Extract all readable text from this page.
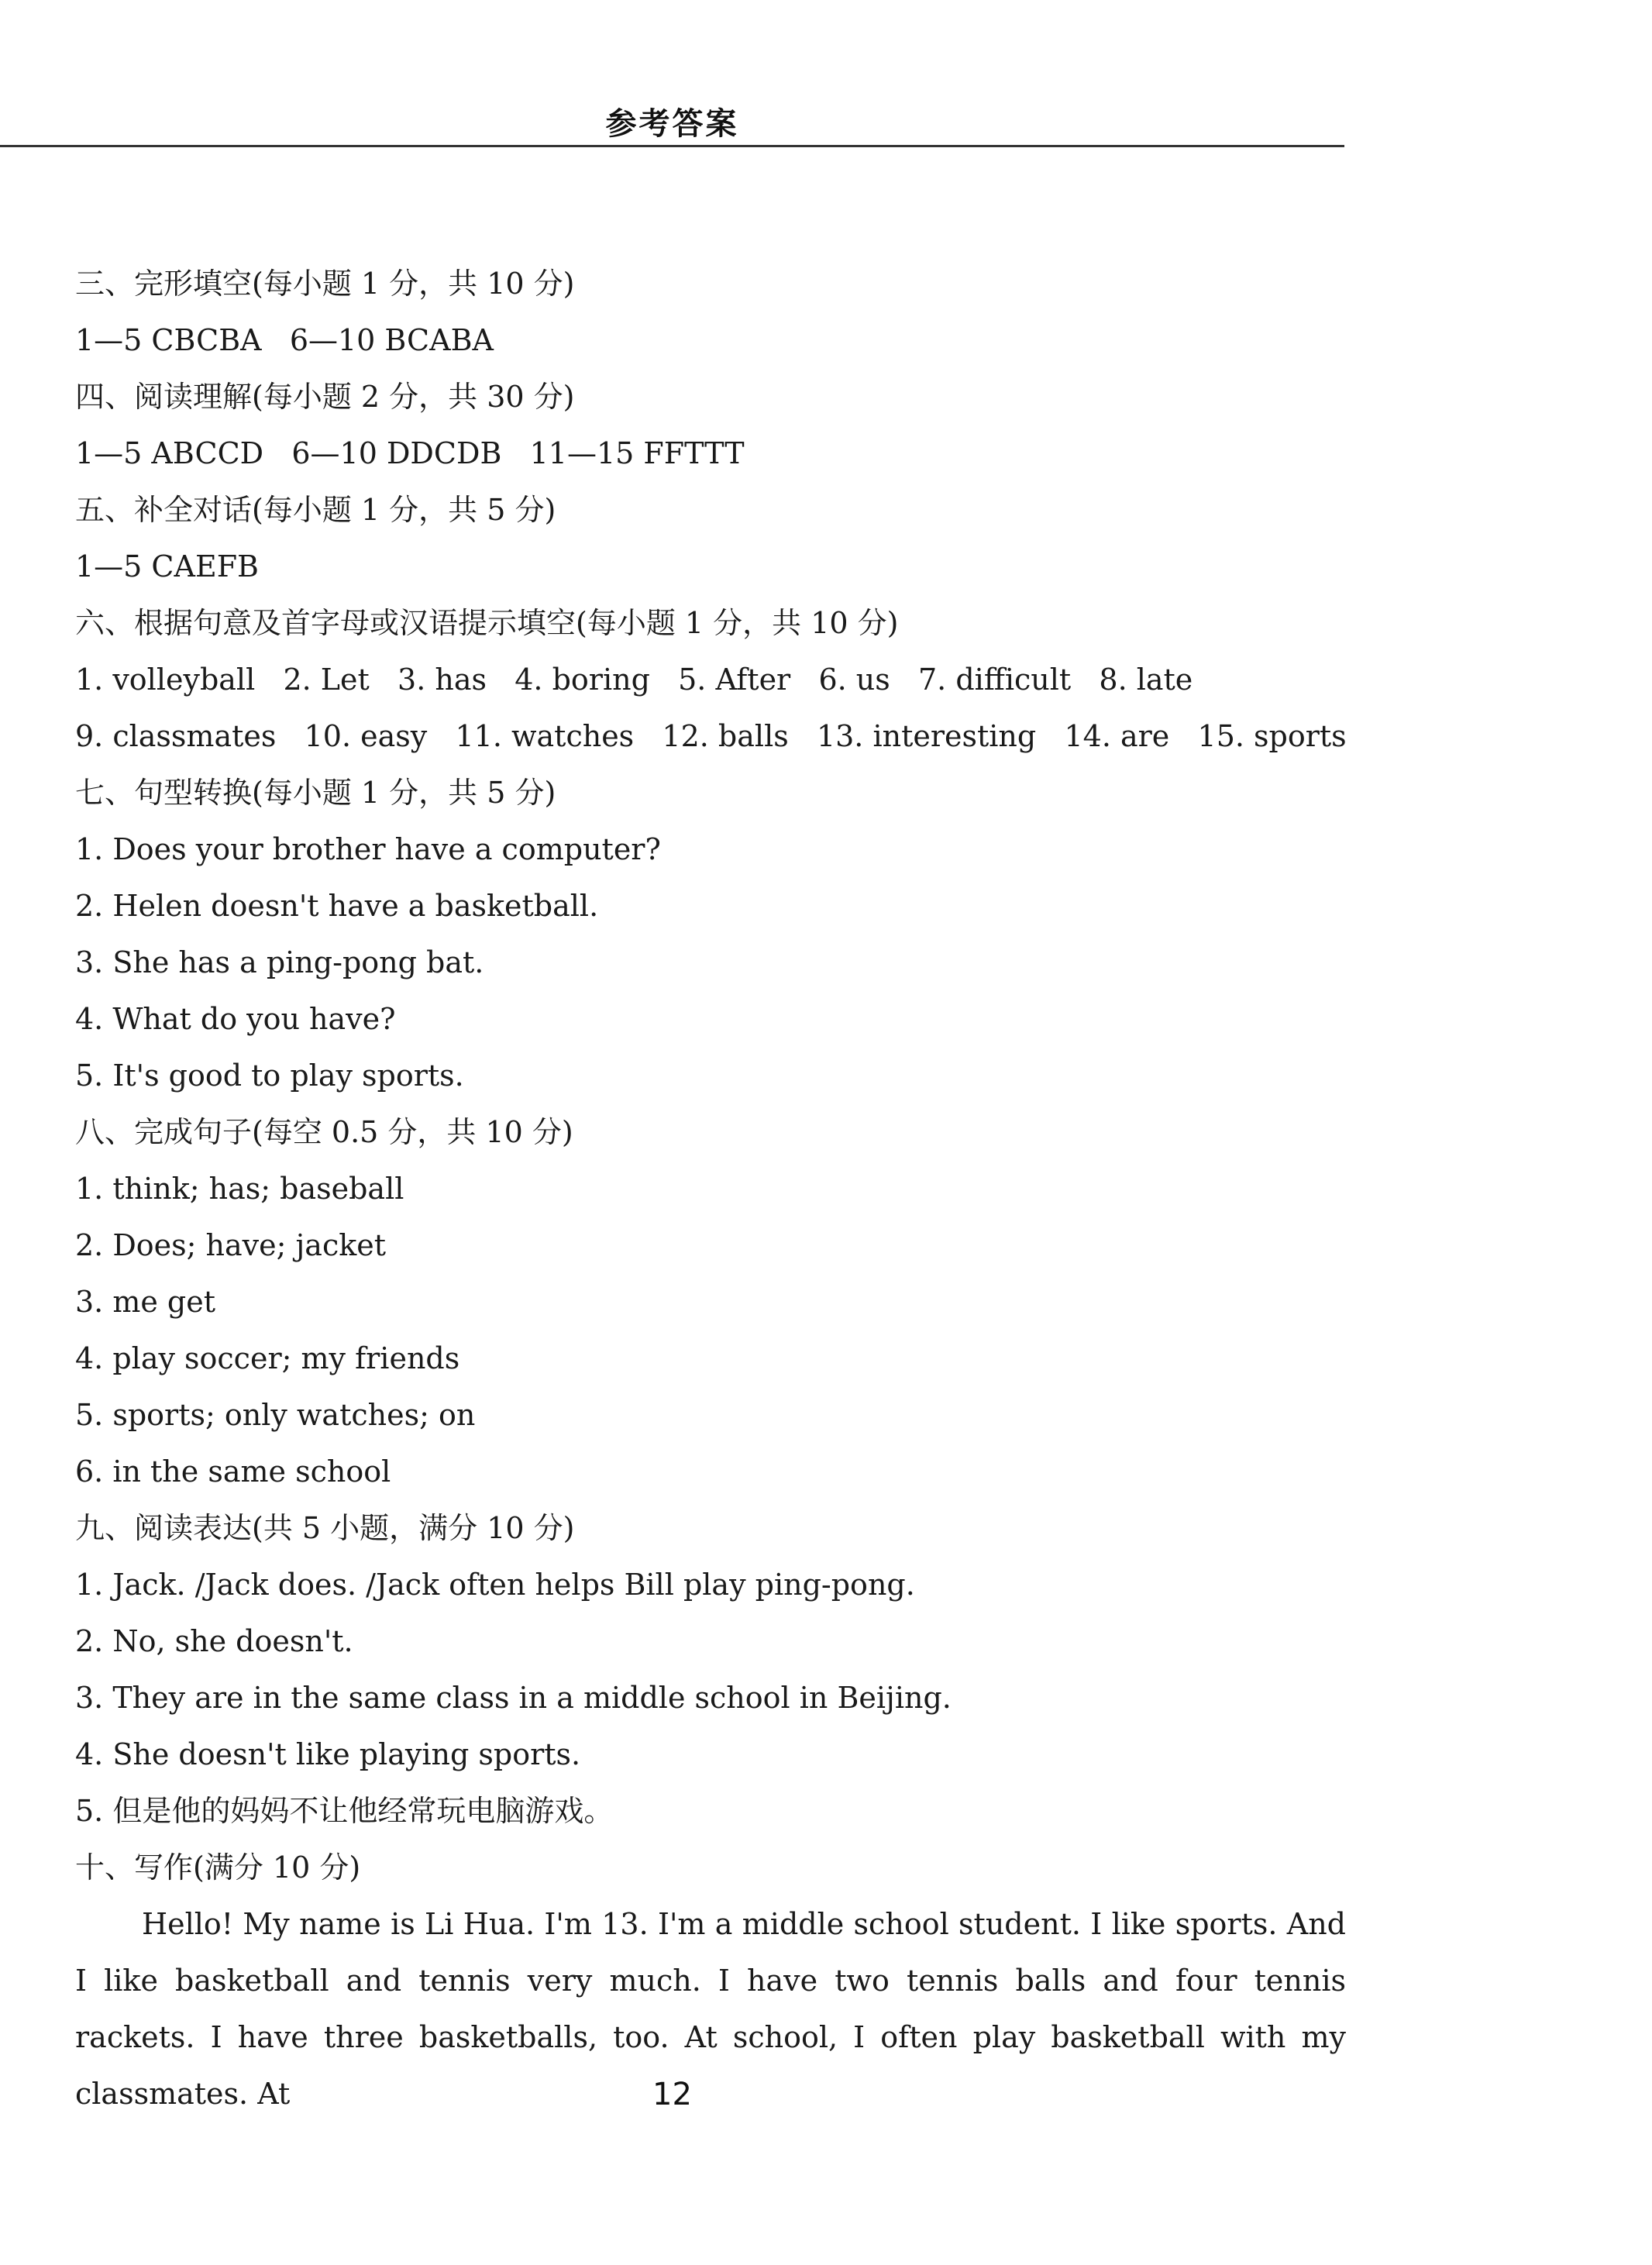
参考答案
三、完形填空(每小题 1 分，共 10 分)
1—5 CBCBA   6—10 BCABA
四、阅读理解(每小题 2 分，共 30 分)
1—5 ABCCD   6—10 DDCDB   11—15 FFTTT
五、补全对话(每小题 1 分，共 5 分)
1—5 CAEFB
六、根据句意及首字母或汉语提示填空(每小题 1 分，共 10 分)
1. volleyball   2. Let   3. has   4. boring   5. After   6. us   7. difficult   8. late
9. classmates   10. easy   11. watches   12. balls   13. interesting   14. are   15. sports
七、句型转换(每小题 1 分，共 5 分)
1. Does your brother have a computer?
2. Helen doesn't have a basketball.
3. She has a ping-pong bat.
4. What do you have?
5. It's good to play sports.
八、完成句子(每空 0.5 分，共 10 分)
1. think; has; baseball
2. Does; have; jacket
3. me get
4. play soccer; my friends
5. sports; only watches; on
6. in the same school
九、阅读表达(共 5 小题，满分 10 分)
1. Jack. /Jack does. /Jack often helps Bill play ping-pong.
2. No, she doesn't.
3. They are in the same class in a middle school in Beijing.
4. She doesn't like playing sports.
5. 但是他的妈妈不让他经常玩电脑游戏。
十、写作(满分 10 分)
Hello! My name is Li Hua. I'm 13. I'm a middle school student. I like sports. And I like basketball and tennis very much. I have two tennis balls and four tennis rackets. I have three basketballs, too. At school, I often play basketball with my classmates. At	12
